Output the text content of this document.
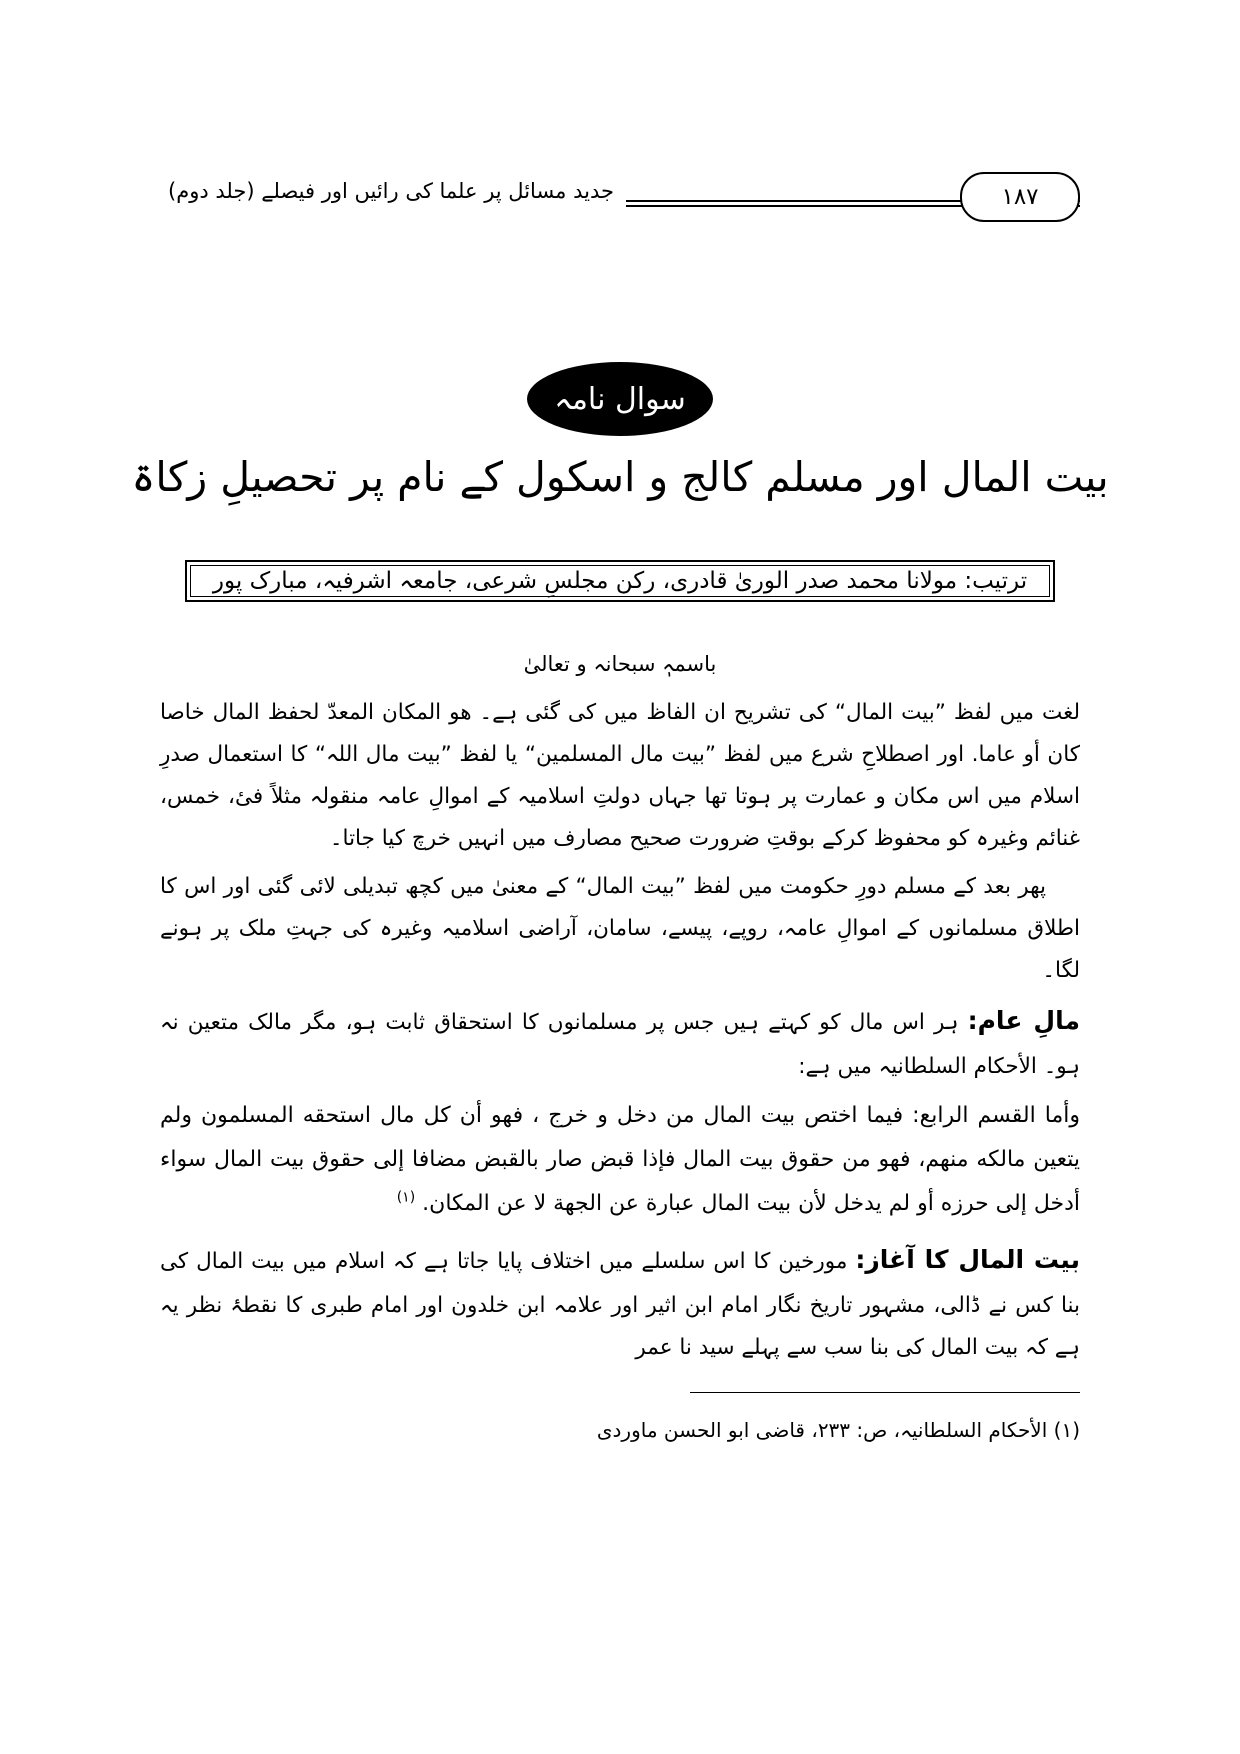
جدید مسائل پر علما کی رائیں اور فیصلے (جلد دوم)	۱۸۷
سوال نامہ
بیت المال اور مسلم کالج و اسکول کے نام پر تحصیلِ زکاۃ
ترتیب: مولانا محمد صدر الوریٰ قادری، رکن مجلسِ شرعی، جامعہ اشرفیہ، مبارک پور
باسمہٖ سبحانہ و تعالیٰ

لغت میں لفظ ”بیت المال“ کی تشریح ان الفاظ میں کی گئی ہے۔ ھو المكان المعدّ لحفظ المال خاصا كان أو عاما. اور اصطلاحِ شرع میں لفظ ”بیت مال المسلمین“ یا لفظ ”بیت مال اللہ“ کا استعمال صدرِ اسلام میں اس مکان و عمارت پر ہوتا تھا جہاں دولتِ اسلامیہ کے اموالِ عامہ منقولہ مثلاً فیٔ، خمس، غنائم وغیرہ کو محفوظ کرکے بوقتِ ضرورت صحیح مصارف میں انہیں خرچ کیا جاتا۔

پھر بعد کے مسلم دورِ حکومت میں لفظ ”بیت المال“ کے معنیٰ میں کچھ تبدیلی لائی گئی اور اس کا اطلاق مسلمانوں کے اموالِ عامہ، روپے، پیسے، سامان، آراضی اسلامیہ وغیرہ کی جہتِ ملک پر ہونے لگا۔

مالِ عام: ہر اس مال کو کہتے ہیں جس پر مسلمانوں کا استحقاق ثابت ہو، مگر مالک متعین نہ ہو۔ الأحکام السلطانیہ میں ہے:

وأما القسم الرابع: فيما اختص بيت المال من دخل و خرج ، فهو أن كل مال استحقه المسلمون ولم يتعين مالكه منهم، فهو من حقوق بيت المال فإذا قبض صار بالقبض مضافا إلى حقوق بيت المال سواء أدخل إلى حرزه أو لم يدخل لأن بيت المال عبارة عن الجهة لا عن المكان. $^{(۱)}$

بیت المال کا آغاز: مورخین کا اس سلسلے میں اختلاف پایا جاتا ہے کہ اسلام میں بیت المال کی بنا کس نے ڈالی، مشہور تاریخ نگار امام ابن اثیر اور علامہ ابن خلدون اور امام طبری کا نقطۂ نظر یہ ہے کہ بیت المال کی بنا سب سے پہلے سید نا عمر

(۱) الأحکام السلطانیہ، ص: ۲۳۳، قاضی ابو الحسن ماوردی
